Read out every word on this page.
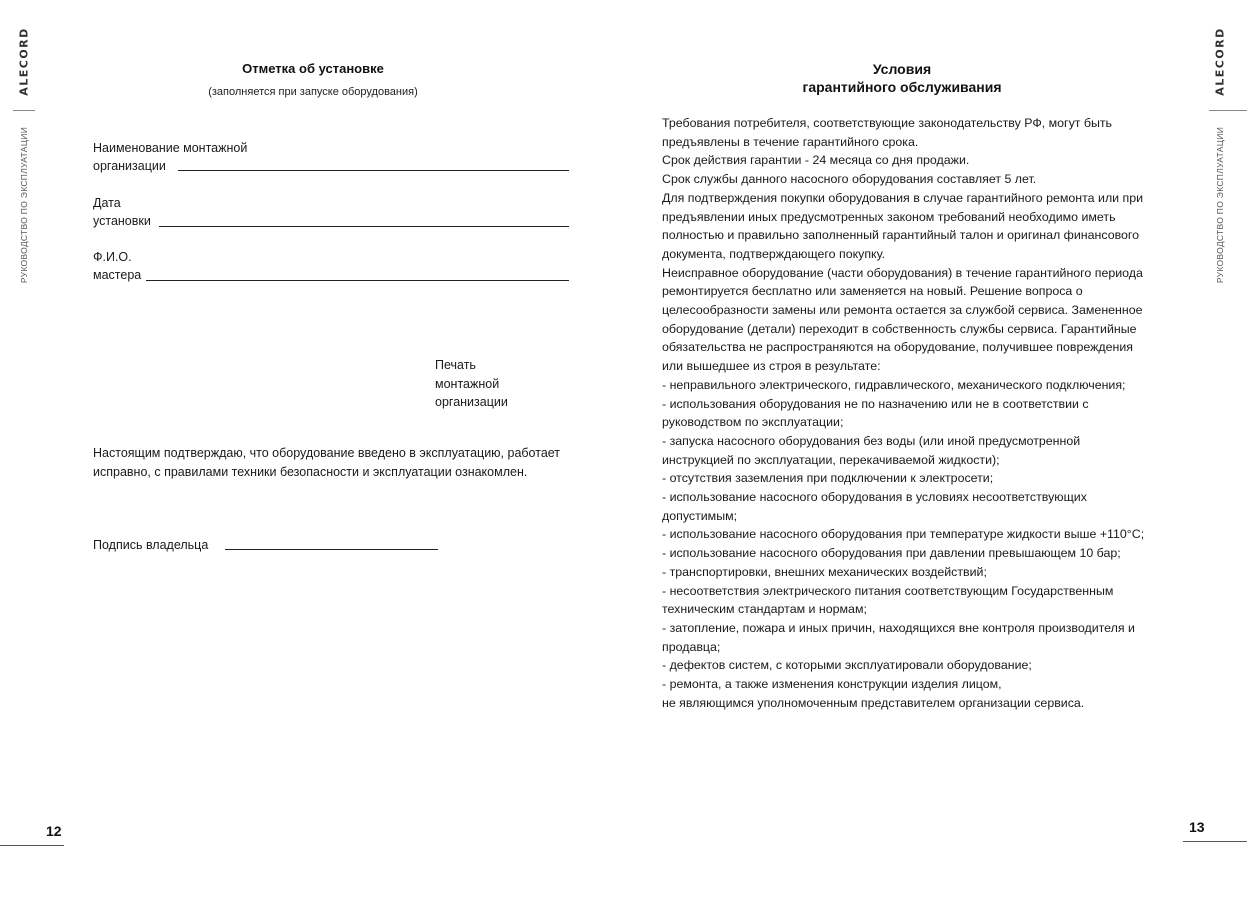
ALECORD
РУКОВОДСТВО ПО ЭКСПЛУАТАЦИИ
12
ALECORD
РУКОВОДСТВО ПО ЭКСПЛУАТАЦИИ
13
Отметка об установке
(заполняется при запуске оборудования)
Наименование монтажной
организации
Дата
установки
Ф.И.О.
мастера
Печать
монтажной
организации
Настоящим подтверждаю, что оборудование введено в эксплуатацию, работает исправно, с правилами техники безопасности и эксплуатации ознакомлен.
Подпись владельца
Условия
гарантийного обслуживания

Требования потребителя, соответствующие законодательству РФ, могут быть предъявлены в течение гарантийного срока.

Срок действия гарантии - 24 месяца со дня продажи.

Срок службы данного насосного оборудования составляет 5 лет.

Для подтверждения покупки оборудования в случае гарантийного ремонта или при предъявлении иных предусмотренных законом требований необходимо иметь полностью и правильно заполненный гарантийный талон и оригинал финансового документа, подтверждающего покупку.

Неисправное оборудование (части оборудования) в течение гарантийного периода ремонтируется бесплатно или заменяется на новый. Решение вопроса о целесообразности замены или ремонта остается за службой сервиса. Замененное оборудование (детали) переходит в собственность службы сервиса. Гарантийные обязательства не распространяются на оборудование, получившее повреждения или вышедшее из строя в результате:

- неправильного электрического, гидравлического, механического подключения;

- использования оборудования не по назначению или не в соответствии с руководством по эксплуатации;

- запуска насосного оборудования без воды (или иной предусмотренной инструкцией по эксплуатации, перекачиваемой жидкости);

- отсутствия заземления при подключении к электросети;

- использование насосного оборудования в условиях несоответствующих допустимым;

- использование насосного оборудования при температуре жидкости выше +110°С;

- использование насосного оборудования при давлении превышающем 10 бар;

- транспортировки, внешних механических воздействий;

- несоответствия электрического питания соответствующим Государственным техническим стандартам и нормам;

- затопление, пожара и иных причин, находящихся вне контроля производителя и продавца;

- дефектов систем, с которыми эксплуатировали оборудование;

- ремонта, а также изменения конструкции изделия лицом,

не являющимся уполномоченным представителем организации сервиса.
